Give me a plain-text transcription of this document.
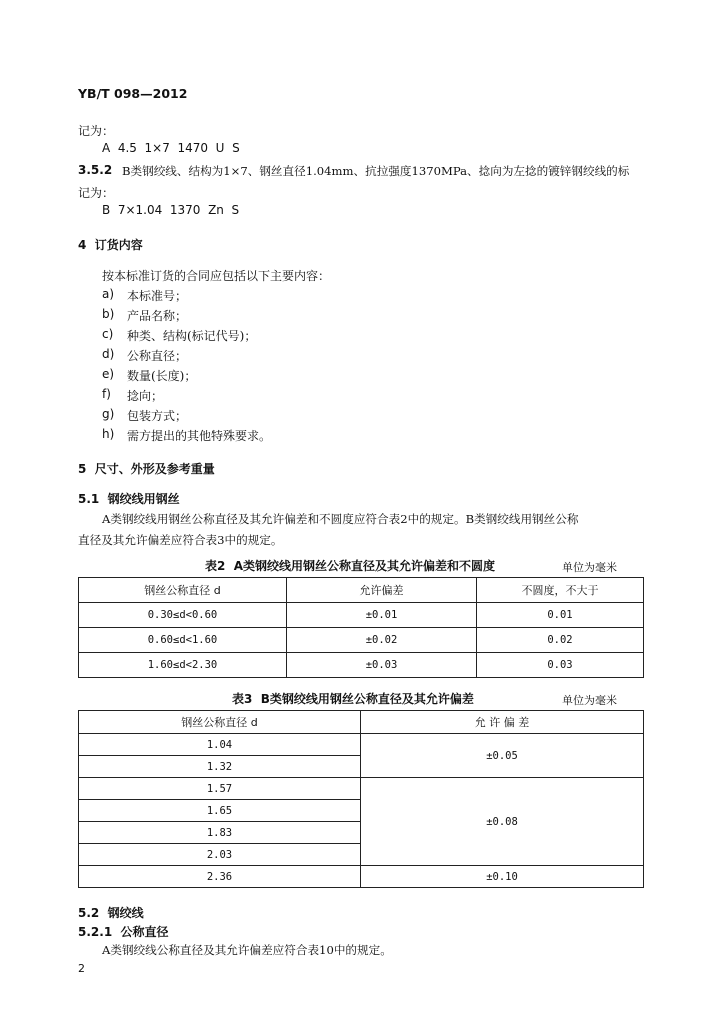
YB/T 098—2012
记为：
A  4.5  1×7  1470  U  S
3.5.2 B类钢绞线、结构为1×7、钢丝直径1.04mm、抗拉强度1370MPa、捻向为左捻的镀锌钢绞线的标
记为：
B  7×1.04  1370  Zn  S
4  订货内容
按本标准订货的合同应包括以下主要内容：
a) 本标准号；
b) 产品名称；
c) 种类、结构(标记代号)；
d) 公称直径；
e) 数量(长度)；
f) 捻向；
g) 包装方式；
h) 需方提出的其他特殊要求。
5  尺寸、外形及参考重量
5.1  钢绞线用钢丝
A类钢绞线用钢丝公称直径及其允许偏差和不圆度应符合表2中的规定。B类钢绞线用钢丝公称
直径及其允许偏差应符合表3中的规定。
表2  A类钢绞线用钢丝公称直径及其允许偏差和不圆度	单位为毫米
钢丝公称直径 d	允许偏差	不圆度，不大于
0.30≤d<0.60	±0.01	0.01
0.60≤d<1.60	±0.02	0.02
1.60≤d<2.30	±0.03	0.03
表3  B类钢绞线用钢丝公称直径及其允许偏差	单位为毫米
钢丝公称直径 d	允 许 偏 差
1.04	±0.05
1.32	
1.57	±0.08
1.65	
1.83	
2.03	
2.36	±0.10
5.2  钢绞线
5.2.1  公称直径
A类钢绞线公称直径及其允许偏差应符合表10中的规定。
2
